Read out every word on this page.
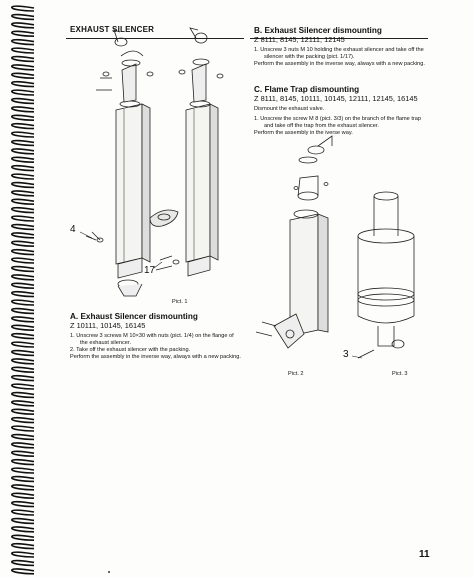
EXHAUST SILENCER
4
17
3
Pict. 1
Pict. 2	Pict. 3
A. Exhaust Silencer dismounting
Z 10111, 10145, 16145

1. Unscrew 3 screws M 10×30 with nuts (pict. 1/4) on the flange of the exhaust silencer.

2. Take off the exhaust silencer with the packing.

Perform the assembly in the inverse way, always with a new packing.

B. Exhaust Silencer dismounting
Z 8111, 8145, 12111, 12145

1. Unscrew 3 nuts M 10 holding the exhaust silencer and take off the silencer with the packing (pict. 1/17).

Perform the assembly in the inverse way, always with a new packing.

C. Flame Trap dismounting
Z 8111, 8145, 10111, 10145, 12111, 12145, 16145

Dismount the exhaust valve.

1. Unscrew the screw M 8 (pict. 3/3) on the branch of the flame trap and take off the trap from the exhaust silencer.

Perform the assembly in the iverse way.

11
